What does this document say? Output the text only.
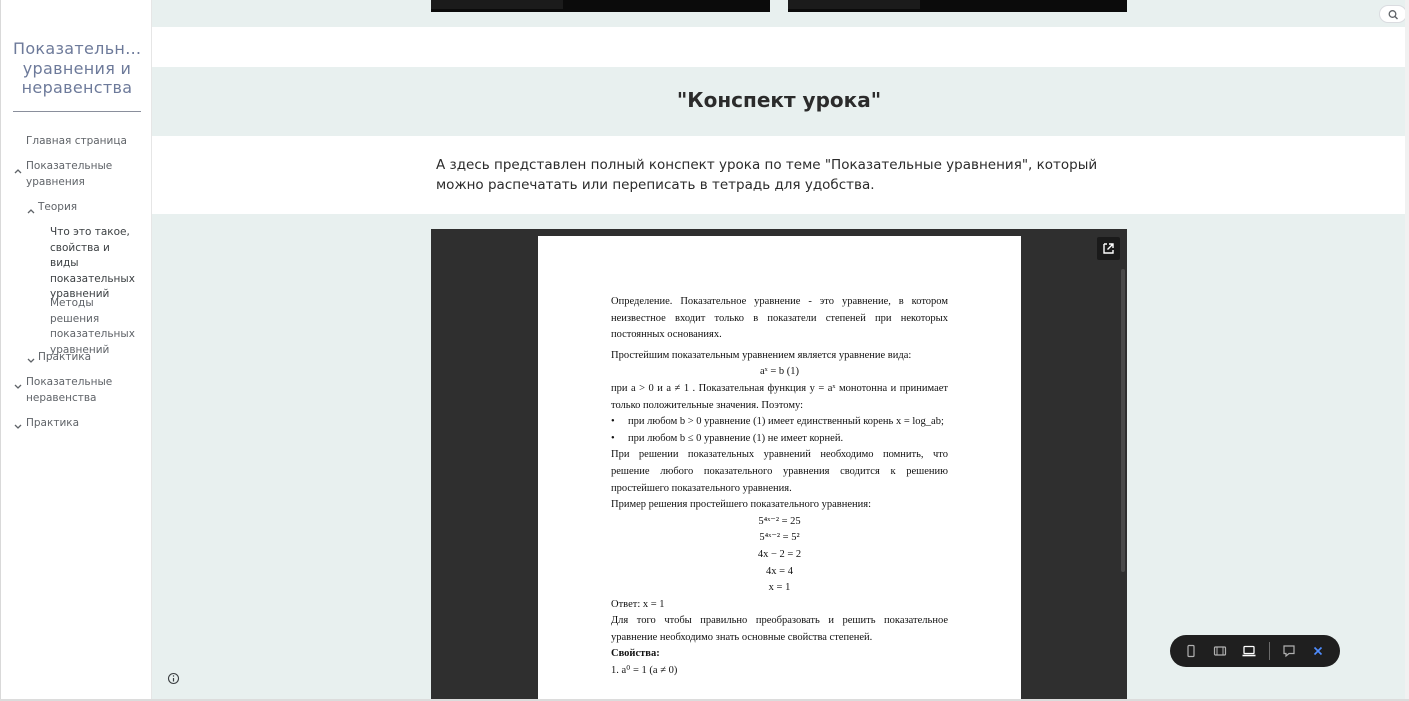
Показательн… уравнения и неравенства
Главная страница
Показательные уравнения
Теория
Что это такое, свойства и виды показательных уравнений
Методы решения показательных уравнений
Практика
Показательные неравенства
Практика
"Конспект урока"

А здесь представлен полный конспект урока по теме "Показательные уравнения", который можно распечатать или переписать в тетрадь для удобства.

Определение. Показательное уравнение - это уравнение, в котором неизвестное входит только в показатели степеней при некоторых постоянных основаниях.

Простейшим показательным уравнением является уравнение вида:

aˣ = b (1)

при a > 0 и a ≠ 1 . Показательная функция y = aˣ монотонна и принимает только положительные значения. Поэтому:

• при любом b > 0 уравнение (1) имеет единственный корень x = log_ab;

• при любом b ≤ 0 уравнение (1) не имеет корней.

При решении показательных уравнений необходимо помнить, что решение любого показательного уравнения сводится к решению простейшего показательного уравнения.

Пример решения простейшего показательного уравнения:

5⁴ˣ⁻² = 25

5⁴ˣ⁻² = 5²

4x − 2 = 2

4x = 4

x = 1

Ответ: x = 1

Для того чтобы правильно преобразовать и решить показательное уравнение необходимо знать основные свойства степеней.

Свойства:

1. a⁰ = 1 (a ≠ 0)
